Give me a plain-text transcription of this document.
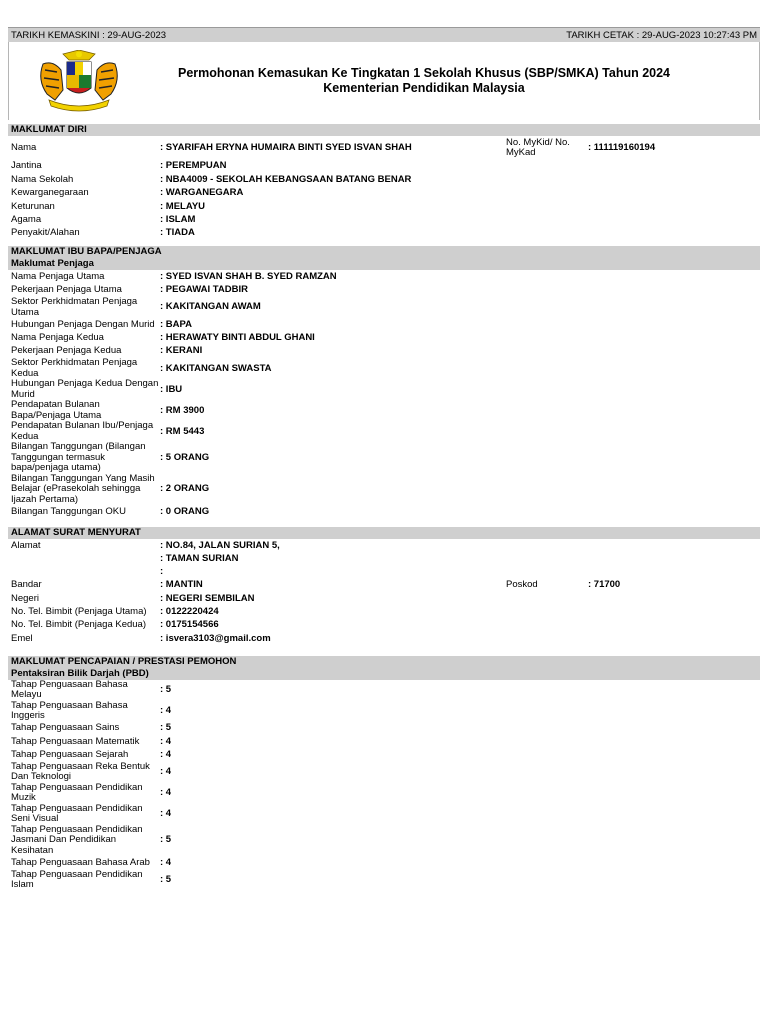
TARIKH KEMASKINI : 29-AUG-2023	TARIKH CETAK : 29-AUG-2023 10:27:43 PM
Permohonan Kemasukan Ke Tingkatan 1 Sekolah Khusus (SBP/SMKA) Tahun 2024
Kementerian Pendidikan Malaysia
MAKLUMAT DIRI
Nama	: SYARIFAH ERYNA HUMAIRA BINTI SYED ISVAN SHAH	No. MyKid/ No. MyKad	: 111119160194
Jantina	: PEREMPUAN
Nama Sekolah	: NBA4009 - SEKOLAH KEBANGSAAN BATANG BENAR
Kewarganegaraan	: WARGANEGARA
Keturunan	: MELAYU
Agama	: ISLAM
Penyakit/Alahan	: TIADA
MAKLUMAT IBU BAPA/PENJAGA
Maklumat Penjaga
Nama Penjaga Utama	: SYED ISVAN SHAH B. SYED RAMZAN
Pekerjaan Penjaga Utama	: PEGAWAI TADBIR
Sektor Perkhidmatan Penjaga Utama	: KAKITANGAN AWAM
Hubungan Penjaga Dengan Murid : BAPA
Nama Penjaga Kedua	: HERAWATY BINTI ABDUL GHANI
Pekerjaan Penjaga Kedua	: KERANI
Sektor Perkhidmatan Penjaga Kedua	: KAKITANGAN SWASTA
Hubungan Penjaga Kedua Dengan Murid	: IBU
Pendapatan Bulanan Bapa/Penjaga Utama	: RM 3900
Pendapatan Bulanan Ibu/Penjaga Kedua	: RM 5443
Bilangan Tanggungan (Bilangan Tanggungan termasuk bapa/penjaga utama)
: 5 ORANG
Bilangan Tanggungan Yang Masih Belajar (ePrasekolah sehingga Ijazah Pertama)
: 2 ORANG
Bilangan Tanggungan OKU	: 0 ORANG
ALAMAT SURAT MENYURAT
Alamat	: NO.84, JALAN SURIAN 5,
: TAMAN SURIAN
:
Bandar	: MANTIN	Poskod	: 71700
Negeri	: NEGERI SEMBILAN
No. Tel. Bimbit (Penjaga Utama)	: 0122220424
No. Tel. Bimbit (Penjaga Kedua)	: 0175154566
Emel	: isvera3103@gmail.com
MAKLUMAT PENCAPAIAN / PRESTASI PEMOHON
Pentaksiran Bilik Darjah (PBD)
Tahap Penguasaan Bahasa Melayu	: 5
Tahap Penguasaan Bahasa Inggeris	: 4
Tahap Penguasaan Sains	: 5
Tahap Penguasaan Matematik	: 4
Tahap Penguasaan Sejarah	: 4
Tahap Penguasaan Reka Bentuk Dan Teknologi	: 4
Tahap Penguasaan Pendidikan Muzik	: 4
Tahap Penguasaan Pendidikan Seni Visual	: 4
Tahap Penguasaan Pendidikan Jasmani Dan Pendidikan Kesihatan
: 5
Tahap Penguasaan Bahasa Arab	: 4
Tahap Penguasaan Pendidikan Islam	: 5
